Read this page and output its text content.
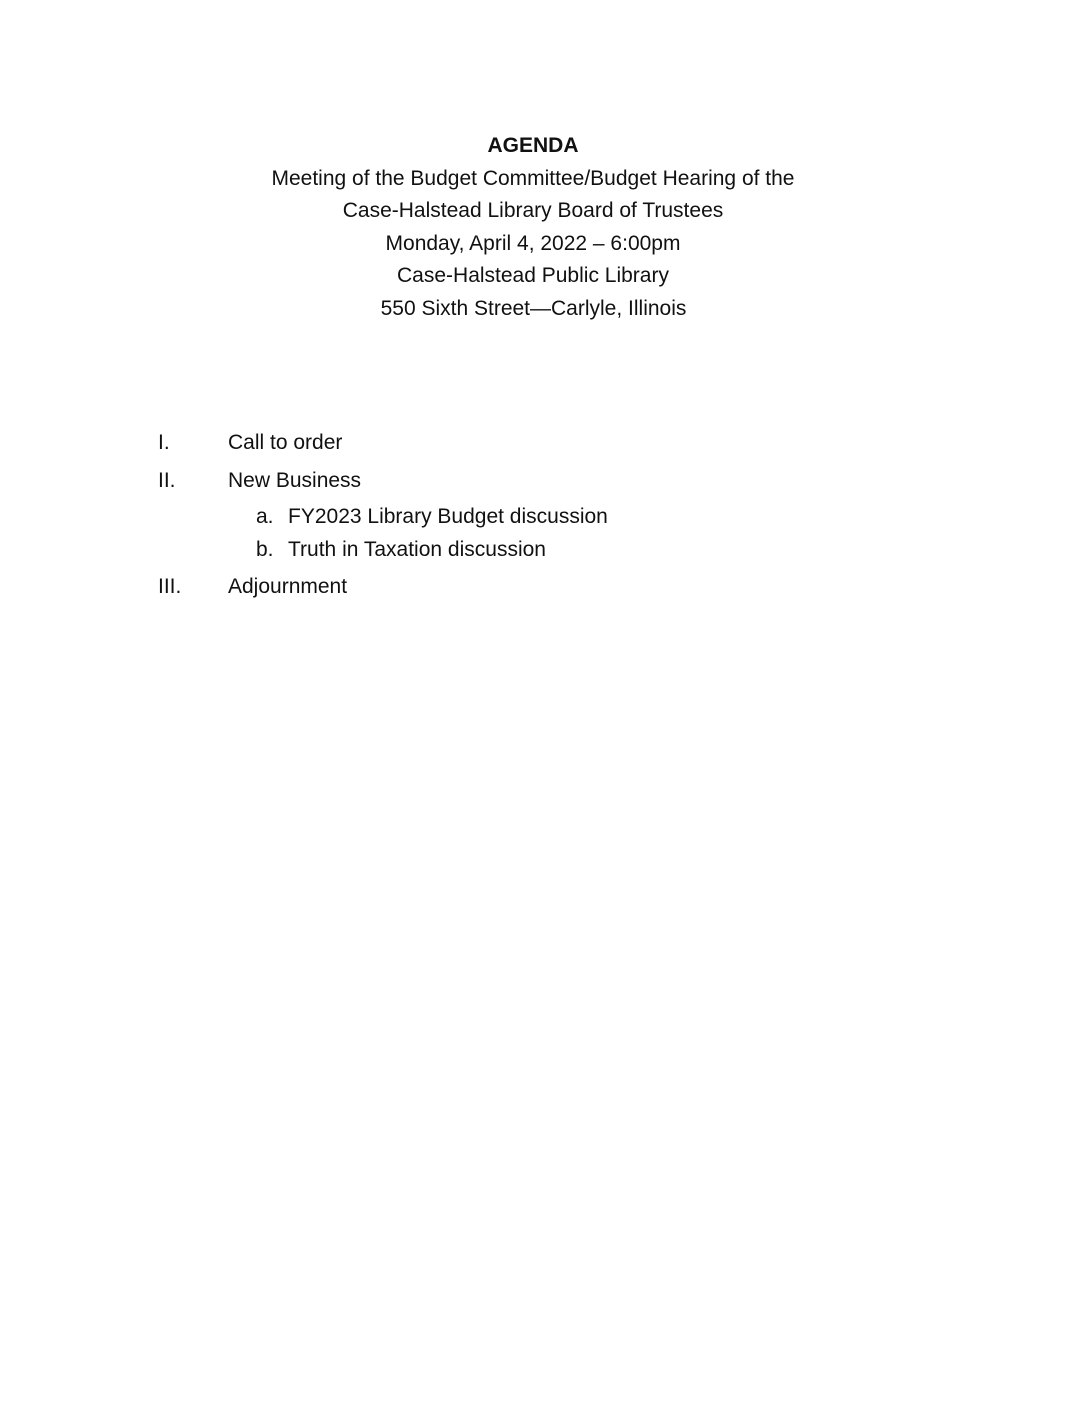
AGENDA
Meeting of the Budget Committee/Budget Hearing of the
Case-Halstead Library Board of Trustees
Monday, April 4, 2022 – 6:00pm
Case-Halstead Public Library
550 Sixth Street—Carlyle, Illinois
I.	Call to order
II. New Business
a. FY2023 Library Budget discussion
b. Truth in Taxation discussion
III. Adjournment
